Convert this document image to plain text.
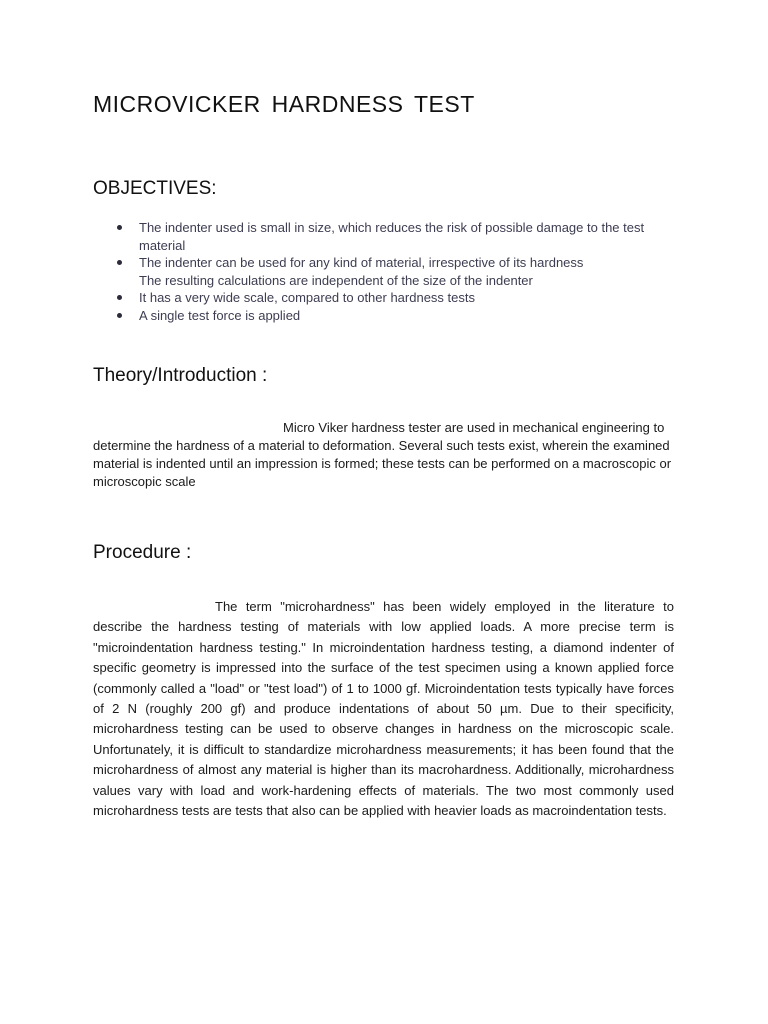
MICROVICKER HARDNESS TEST
OBJECTIVES:
The indenter used is small in size, which reduces the risk of possible damage to the test material
The indenter can be used for any kind of material, irrespective of its hardness
The resulting calculations are independent of the size of the indenter
It has a very wide scale, compared to other hardness tests
A single test force is applied
Theory/Introduction :

Micro Viker hardness tester are used in mechanical engineering to determine the hardness of a material to deformation. Several such tests exist, wherein the examined material is indented until an impression is formed; these tests can be performed on a macroscopic or microscopic scale

Procedure :

The term "microhardness" has been widely employed in the literature to describe the hardness testing of materials with low applied loads. A more precise term is "microindentation hardness testing." In microindentation hardness testing, a diamond indenter of specific geometry is impressed into the surface of the test specimen using a known applied force (commonly called a "load" or "test load") of 1 to 1000 gf. Microindentation tests typically have forces of 2 N (roughly 200 gf) and produce indentations of about 50 µm. Due to their specificity, microhardness testing can be used to observe changes in hardness on the microscopic scale. Unfortunately, it is difficult to standardize microhardness measurements; it has been found that the microhardness of almost any material is higher than its macrohardness. Additionally, microhardness values vary with load and work-hardening effects of materials. The two most commonly used microhardness tests are tests that also can be applied with heavier loads as macroindentation tests.
